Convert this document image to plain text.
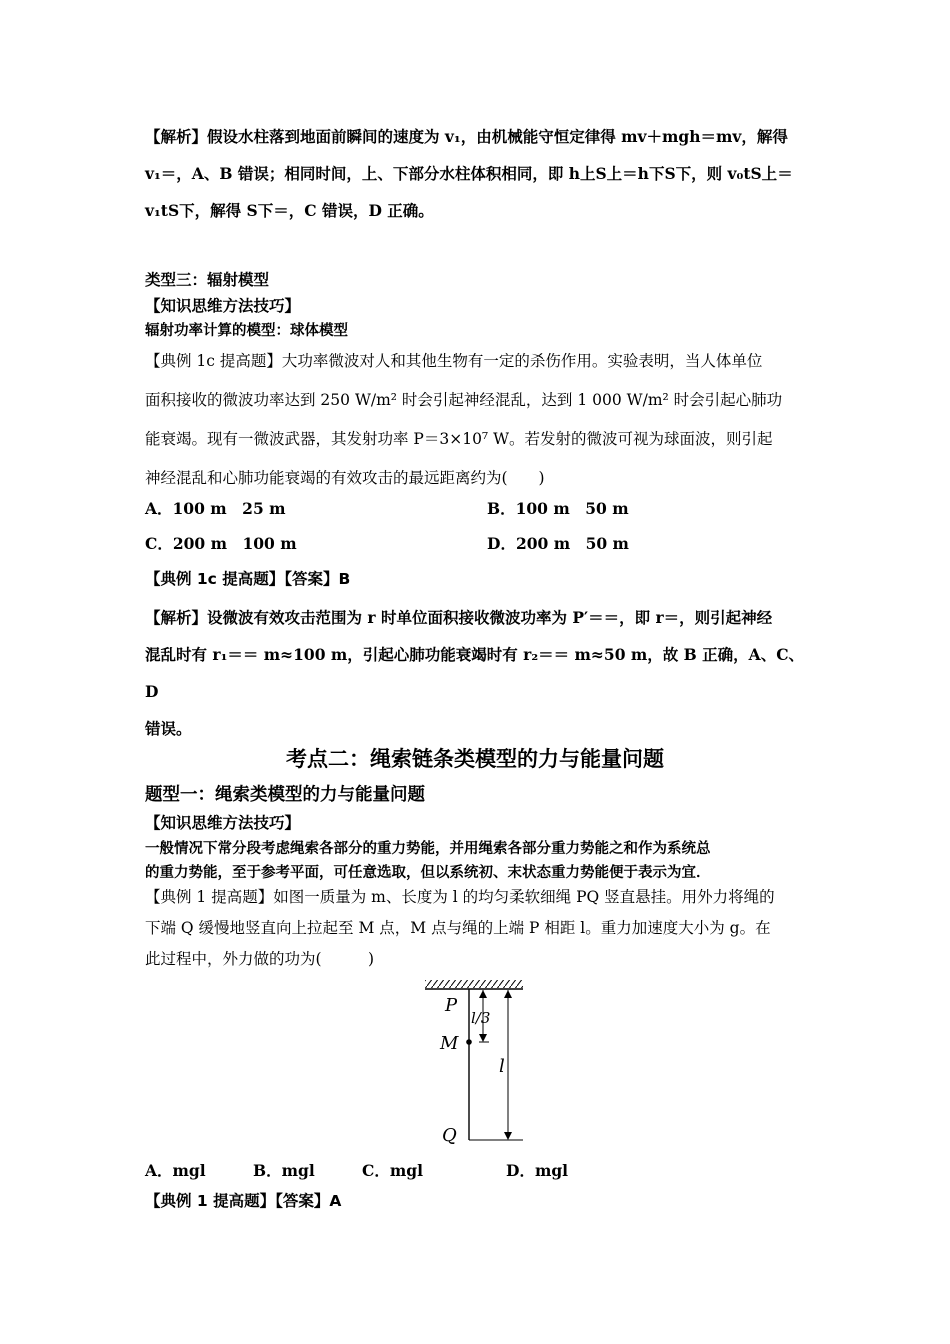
【解析】假设水柱落到地面前瞬间的速度为 v₁，由机械能守恒定律得 mv＋mgh＝mv，解得

v₁＝，A、B 错误；相同时间，上、下部分水柱体积相同，即 h上S上＝h下S下，则 v₀tS上＝

v₁tS下，解得 S下＝，C 错误，D 正确。

类型三：辐射模型

【知识思维方法技巧】

辐射功率计算的模型：球体模型

【典例 1c 提高题】大功率微波对人和其他生物有一定的杀伤作用。实验表明，当人体单位

面积接收的微波功率达到 250 W/m² 时会引起神经混乱，达到 1 000 W/m² 时会引起心肺功

能衰竭。现有一微波武器，其发射功率 P＝3×10⁷ W。若发射的微波可视为球面波，则引起

神经混乱和心肺功能衰竭的有效攻击的最远距离约为(　　)

A．100 m　25 m	B．100 m　50 m
C．200 m　100 m	D．200 m　50 m
【典例 1c 提高题】【答案】B

【解析】设微波有效攻击范围为 r 时单位面积接收微波功率为 P′＝＝，即 r＝，则引起神经

混乱时有 r₁＝＝ m≈100 m，引起心肺功能衰竭时有 r₂＝＝ m≈50 m，故 B 正确，A、C、D

错误。

考点二：绳索链条类模型的力与能量问题

题型一：绳索类模型的力与能量问题

【知识思维方法技巧】

一般情况下常分段考虑绳索各部分的重力势能，并用绳索各部分重力势能之和作为系统总

的重力势能，至于参考平面，可任意选取，但以系统初、末状态重力势能便于表示为宜．

【典例 1 提高题】如图一质量为 m、长度为 l 的均匀柔软细绳 PQ 竖直悬挂。用外力将绳的

下端 Q 缓慢地竖直向上拉起至 M 点，M 点与绳的上端 P 相距 l。重力加速度大小为 g。在

此过程中，外力做的功为(　　　)

P
M
Q
l/3
l
A．mgl	B．mgl	C．mgl	D．mgl
【典例 1 提高题】【答案】A
